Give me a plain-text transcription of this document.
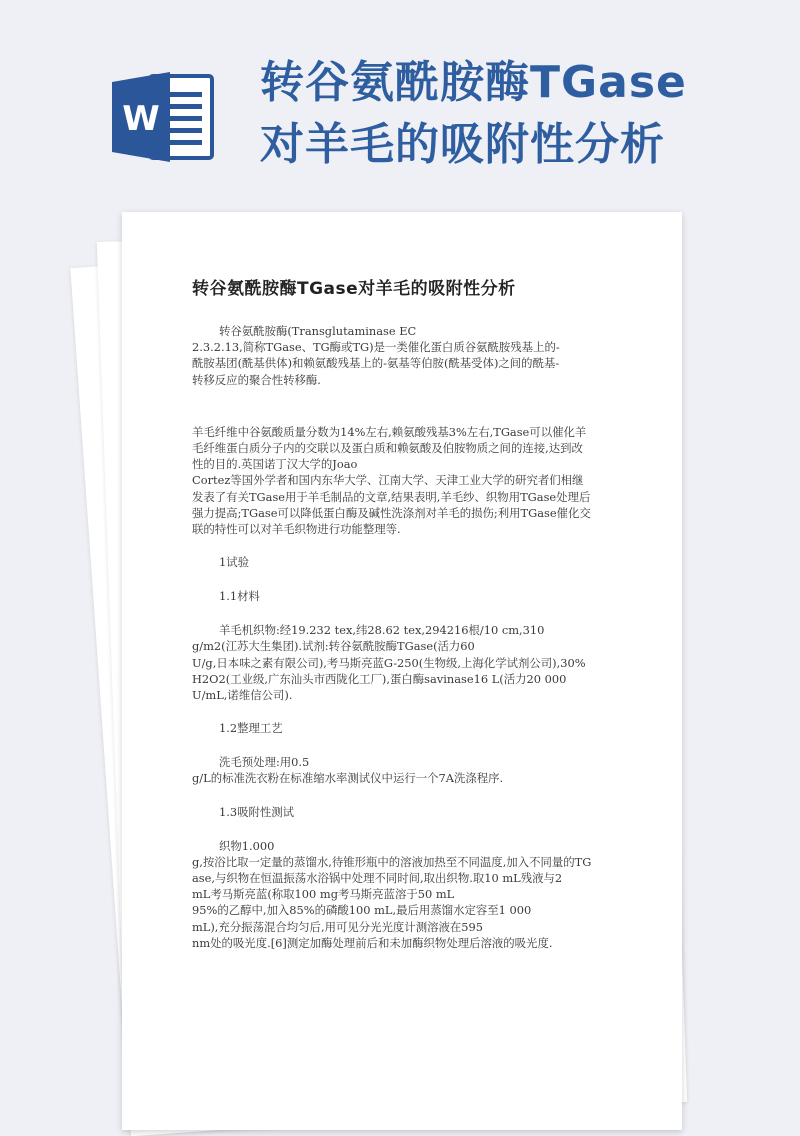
W
转谷氨酰胺酶TGase对羊毛的吸附性分析
转谷氨酰胺酶TGase对羊毛的吸附性分析
转谷氨酰胺酶(Transglutaminase EC
2.3.2.13,简称TGase、TG酶或TG)是一类催化蛋白质谷氨酰胺残基上的-
酰胺基团(酰基供体)和赖氨酸残基上的-氨基等伯胺(酰基受体)之间的酰基-
转移反应的聚合性转移酶.
羊毛纤维中谷氨酸质量分数为14%左右,赖氨酸残基3%左右,TGase可以催化羊
毛纤维蛋白质分子内的交联以及蛋白质和赖氨酸及伯胺物质之间的连接,达到改
性的目的.英国诺丁汉大学的Joao
Cortez等国外学者和国内东华大学、江南大学、天津工业大学的研究者们相继
发表了有关TGase用于羊毛制品的文章,结果表明,羊毛纱、织物用TGase处理后
强力提高;TGase可以降低蛋白酶及碱性洗涤剂对羊毛的损伤;利用TGase催化交
联的特性可以对羊毛织物进行功能整理等.
1试验
1.1材料
羊毛机织物:经19.232 tex,纬28.62 tex,294216根/10 cm,310
g/m2(江苏大生集团).试剂:转谷氨酰胺酶TGase(活力60
U/g,日本味之素有限公司),考马斯亮蓝G-250(生物级,上海化学试剂公司),30%
H2O2(工业级,广东汕头市西陇化工厂),蛋白酶savinase16 L(活力20 000
U/mL,诺维信公司).
1.2整理工艺
洗毛预处理:用0.5
g/L的标准洗衣粉在标准缩水率测试仪中运行一个7A洗涤程序.
1.3吸附性测试
织物1.000
g,按浴比取一定量的蒸馏水,待锥形瓶中的溶液加热至不同温度,加入不同量的TG
ase,与织物在恒温振荡水浴锅中处理不同时间,取出织物.取10 mL残液与2
mL考马斯亮蓝(称取100 mg考马斯亮蓝溶于50 mL
95%的乙醇中,加入85%的磷酸100 mL,最后用蒸馏水定容至1 000
mL),充分振荡混合均匀后,用可见分光光度计测溶液在595
nm处的吸光度.[6]测定加酶处理前后和未加酶织物处理后溶液的吸光度.
